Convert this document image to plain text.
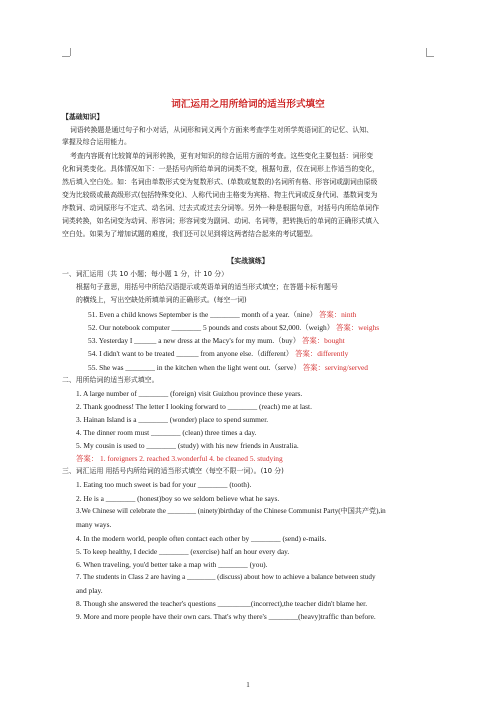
词汇运用之用所给词的适当形式填空
【基础知识】
词语转换题是通过句子和小对话，从词形和词义两个方面来考查学生对所学英语词汇的记忆、认知、
掌握及综合运用能力。
考查内容既有比较简单的词形转换，更有对知识的综合运用方面的考查。这些变化主要包括：词形变
化和词类变化。具体情况如下：一是括号内所给单词的词类不变，根据句意，仅在词形上作适当的变化，
然后填入空白处。如：名词由单数形式变为复数形式、(单数或复数的)名词所有格、形容词或副词由原级
变为比较级或最高级形式(包括特殊变化)、人称代词由主格变为宾格、物主代词或反身代词、基数词变为
序数词、动词原形与不定式、动名词、过去式或过去分词等。另外一种是根据句意，对括号内所给单词作
词类转换，如名词变为动词、形容词；形容词变为副词、动词、名词等，把转换后的单词的正确形式填入
空白处。如果为了增加试题的难度，我们还可以见到将这两者结合起来的考试题型。
【实战演练】
一、词汇运用（共 10 小题；每小题 1 分，计 10 分）
根据句子意思，用括号中所给汉语提示或英语单词的适当形式填空；在答题卡标有题号
的横线上，写出空缺处所填单词的正确形式。(每空一词)
51. Even a child knows September is the ________ month of a year.（nine） 答案：ninth
52. Our notebook computer ________ 5 pounds and costs about $2,000.（weigh） 答案：weighs
53. Yesterday I ______ a new dress at the Macy's for my mum.（buy） 答案：bought
54. I didn't want to be treated ______ from anyone else.（different） 答案：differently
55. She was ________ in the kitchen when the light went out.（serve） 答案：serving/served
二、用所给词的适当形式填空。
1. A large number of ________ (foreign) visit Guizhou province these years.
2. Thank goodness! The letter I looking forward to ________ (reach) me at last.
3. Hainan Island is a ________ (wonder) place to spend summer.
4. The dinner room must ________ (clean) three times a day.
5. My cousin is used to ________ (study) with his new friends in Australia.
答案： 1. foreigners 2. reached 3.wonderful 4. be cleaned 5. studying
三、词汇运用 用括号内所给词的适当形式填空（每空不限一词）。(10 分)
1. Eating too much sweet is bad for your ________ (tooth).
2. He is a ________ (honest)boy so we seldom believe what he says.
3.We Chinese will celebrate the ________ (ninety)birthday of the Chinese Communist Party(中国共产党),in
many ways.
4. In the modern world, people often contact each other by ________ (send) e-mails.
5. To keep healthy, I decide ________ (exercise) half an hour every day.
6. When traveling, you'd better take a map with ________ (you).
7. The students in Class 2 are having a ________ (discuss) about how to achieve a balance between study
and play.
8. Though she answered the teacher's questions _________(incorrect),the teacher didn't blame her.
9. More and more people have their own cars. That's why there's ________(heavy)traffic than before.
1
